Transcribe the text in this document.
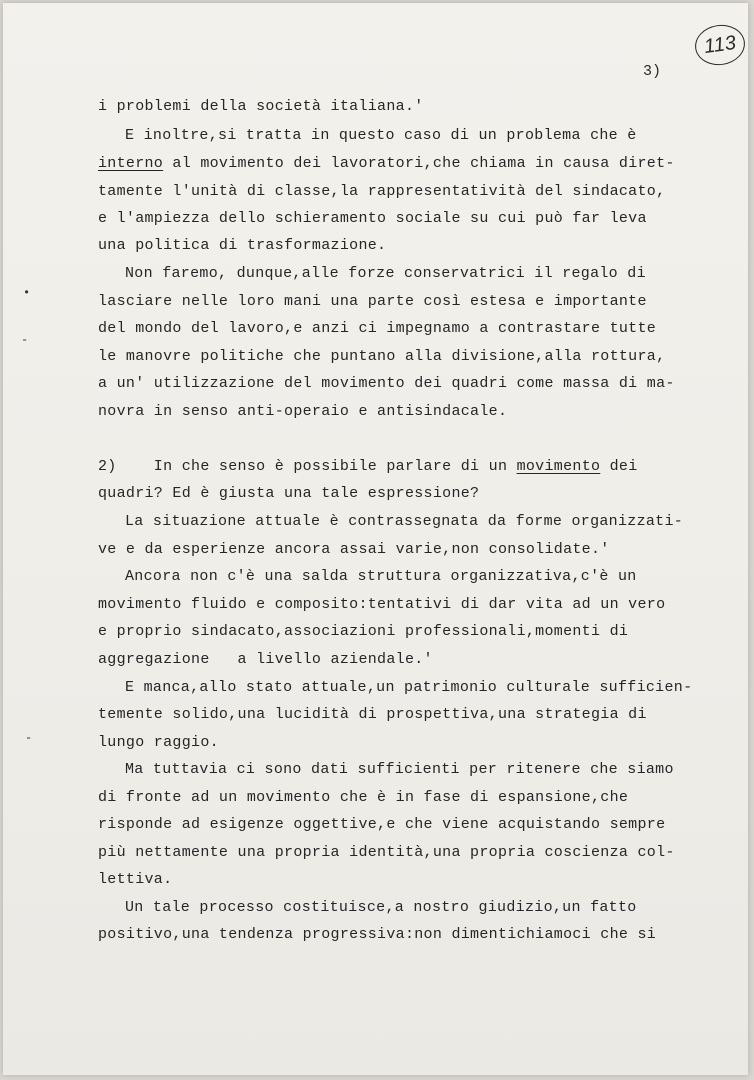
113
3)
•
-
-
i problemi della società italiana.'
E inoltre,si tratta in questo caso di un problema che è
interno al movimento dei lavoratori,che chiama in causa diret-
tamente l'unità di classe,la rappresentatività del sindacato,
e l'ampiezza dello schieramento sociale su cui può far leva
una politica di trasformazione.
Non faremo, dunque,alle forze conservatrici il regalo di
lasciare nelle loro mani una parte così estesa e importante
del mondo del lavoro,e anzi ci impegnamo a contrastare tutte
le manovre politiche che puntano alla divisione,alla rottura,
a un' utilizzazione del movimento dei quadri come massa di ma-
novra in senso anti-operaio e antisindacale.
2)    In che senso è possibile parlare di un movimento dei
quadri? Ed è giusta una tale espressione?
La situazione attuale è contrassegnata da forme organizzati-
ve e da esperienze ancora assai varie,non consolidate.'
Ancora non c'è una salda struttura organizzativa,c'è un
movimento fluido e composito:tentativi di dar vita ad un vero
e proprio sindacato,associazioni professionali,momenti di
aggregazione   a livello aziendale.'
E manca,allo stato attuale,un patrimonio culturale sufficien-
temente solido,una lucidità di prospettiva,una strategia di
lungo raggio.
Ma tuttavia ci sono dati sufficienti per ritenere che siamo
di fronte ad un movimento che è in fase di espansione,che
risponde ad esigenze oggettive,e che viene acquistando sempre
più nettamente una propria identità,una propria coscienza col-
lettiva.
Un tale processo costituisce,a nostro giudizio,un fatto
positivo,una tendenza progressiva:non dimentichiamoci che si
